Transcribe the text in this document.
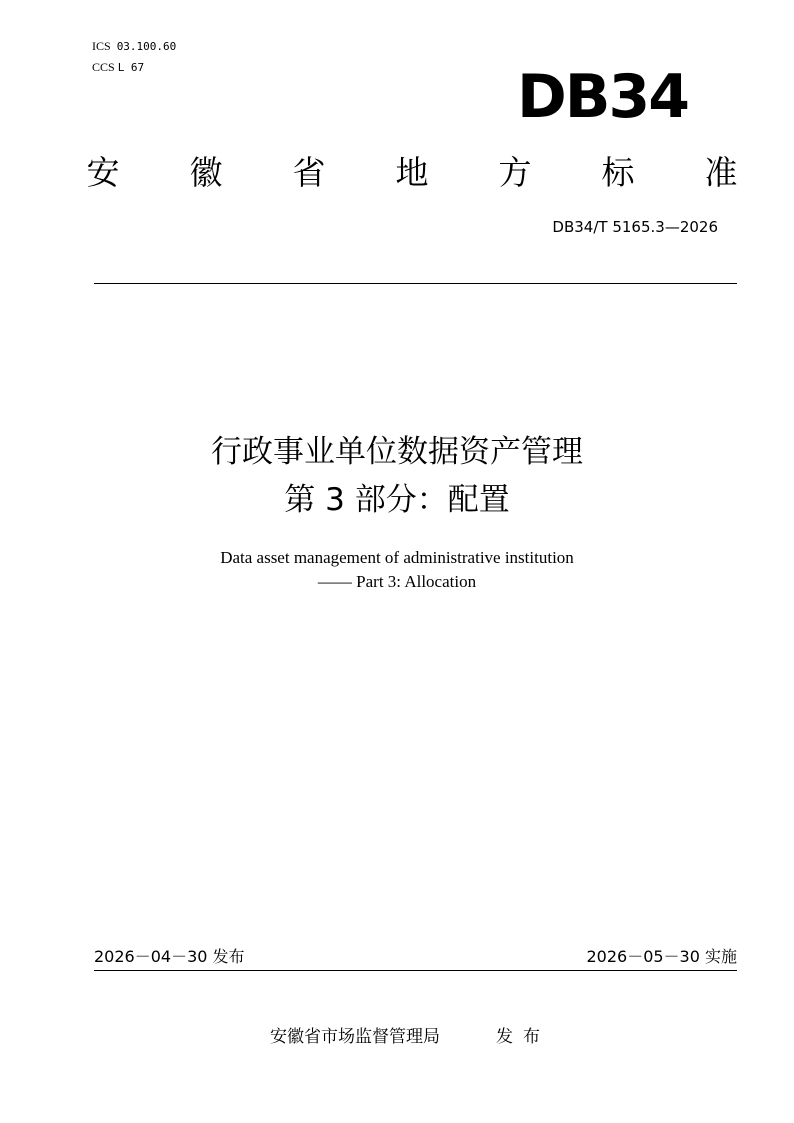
ICS 03.100.60
CCS L 67	DB34
安 徽 省 地 方 标 准
DB34/T 5165.3—2026
行政事业单位数据资产管理
第 3 部分：配置
Data asset management of administrative institution
—— Part 3: Allocation
2026－04－30 发布	2026－05－30 实施
安徽省市场监督管理局	发布
